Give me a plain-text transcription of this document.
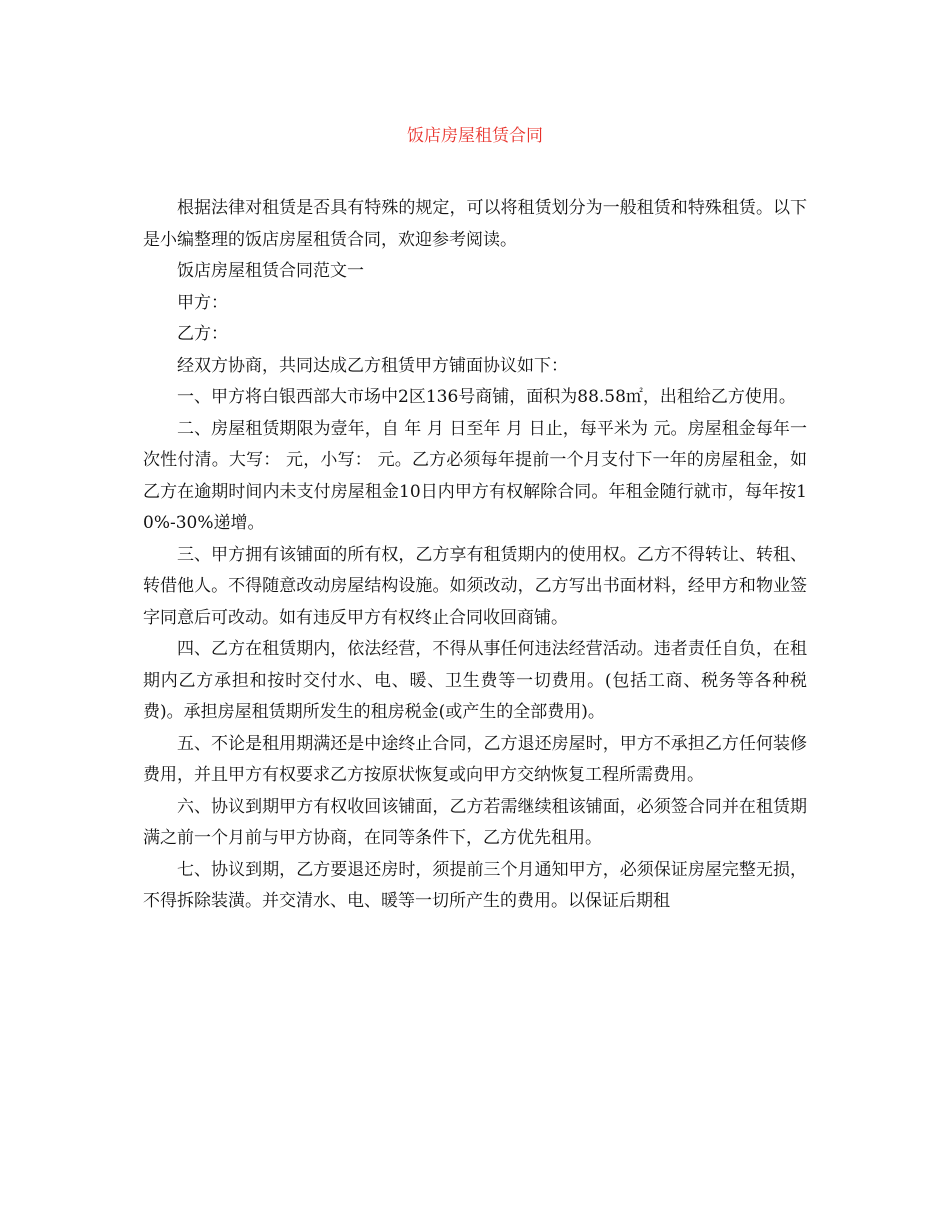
饭店房屋租赁合同

根据法律对租赁是否具有特殊的规定，可以将租赁划分为一般租赁和特殊租赁。以下是小编整理的饭店房屋租赁合同，欢迎参考阅读。

饭店房屋租赁合同范文一

甲方：

乙方：

经双方协商，共同达成乙方租赁甲方铺面协议如下：

一、甲方将白银西部大市场中2区136号商铺，面积为88.58㎡，出租给乙方使用。

二、房屋租赁期限为壹年，自 年 月 日至年 月 日止，每平米为 元。房屋租金每年一次性付清。大写： 元，小写： 元。乙方必须每年提前一个月支付下一年的房屋租金，如乙方在逾期时间内未支付房屋租金10日内甲方有权解除合同。年租金随行就市，每年按10%-30%递增。

三、甲方拥有该铺面的所有权，乙方享有租赁期内的使用权。乙方不得转让、转租、转借他人。不得随意改动房屋结构设施。如须改动，乙方写出书面材料，经甲方和物业签字同意后可改动。如有违反甲方有权终止合同收回商铺。

四、乙方在租赁期内，依法经营，不得从事任何违法经营活动。违者责任自负，在租期内乙方承担和按时交付水、电、暖、卫生费等一切费用。(包括工商、税务等各种税费)。承担房屋租赁期所发生的租房税金(或产生的全部费用)。

五、不论是租用期满还是中途终止合同，乙方退还房屋时，甲方不承担乙方任何装修费用，并且甲方有权要求乙方按原状恢复或向甲方交纳恢复工程所需费用。

六、协议到期甲方有权收回该铺面，乙方若需继续租该铺面，必须签合同并在租赁期满之前一个月前与甲方协商，在同等条件下，乙方优先租用。

七、协议到期，乙方要退还房时，须提前三个月通知甲方，必须保证房屋完整无损，不得拆除装潢。并交清水、电、暖等一切所产生的费用。以保证后期租
